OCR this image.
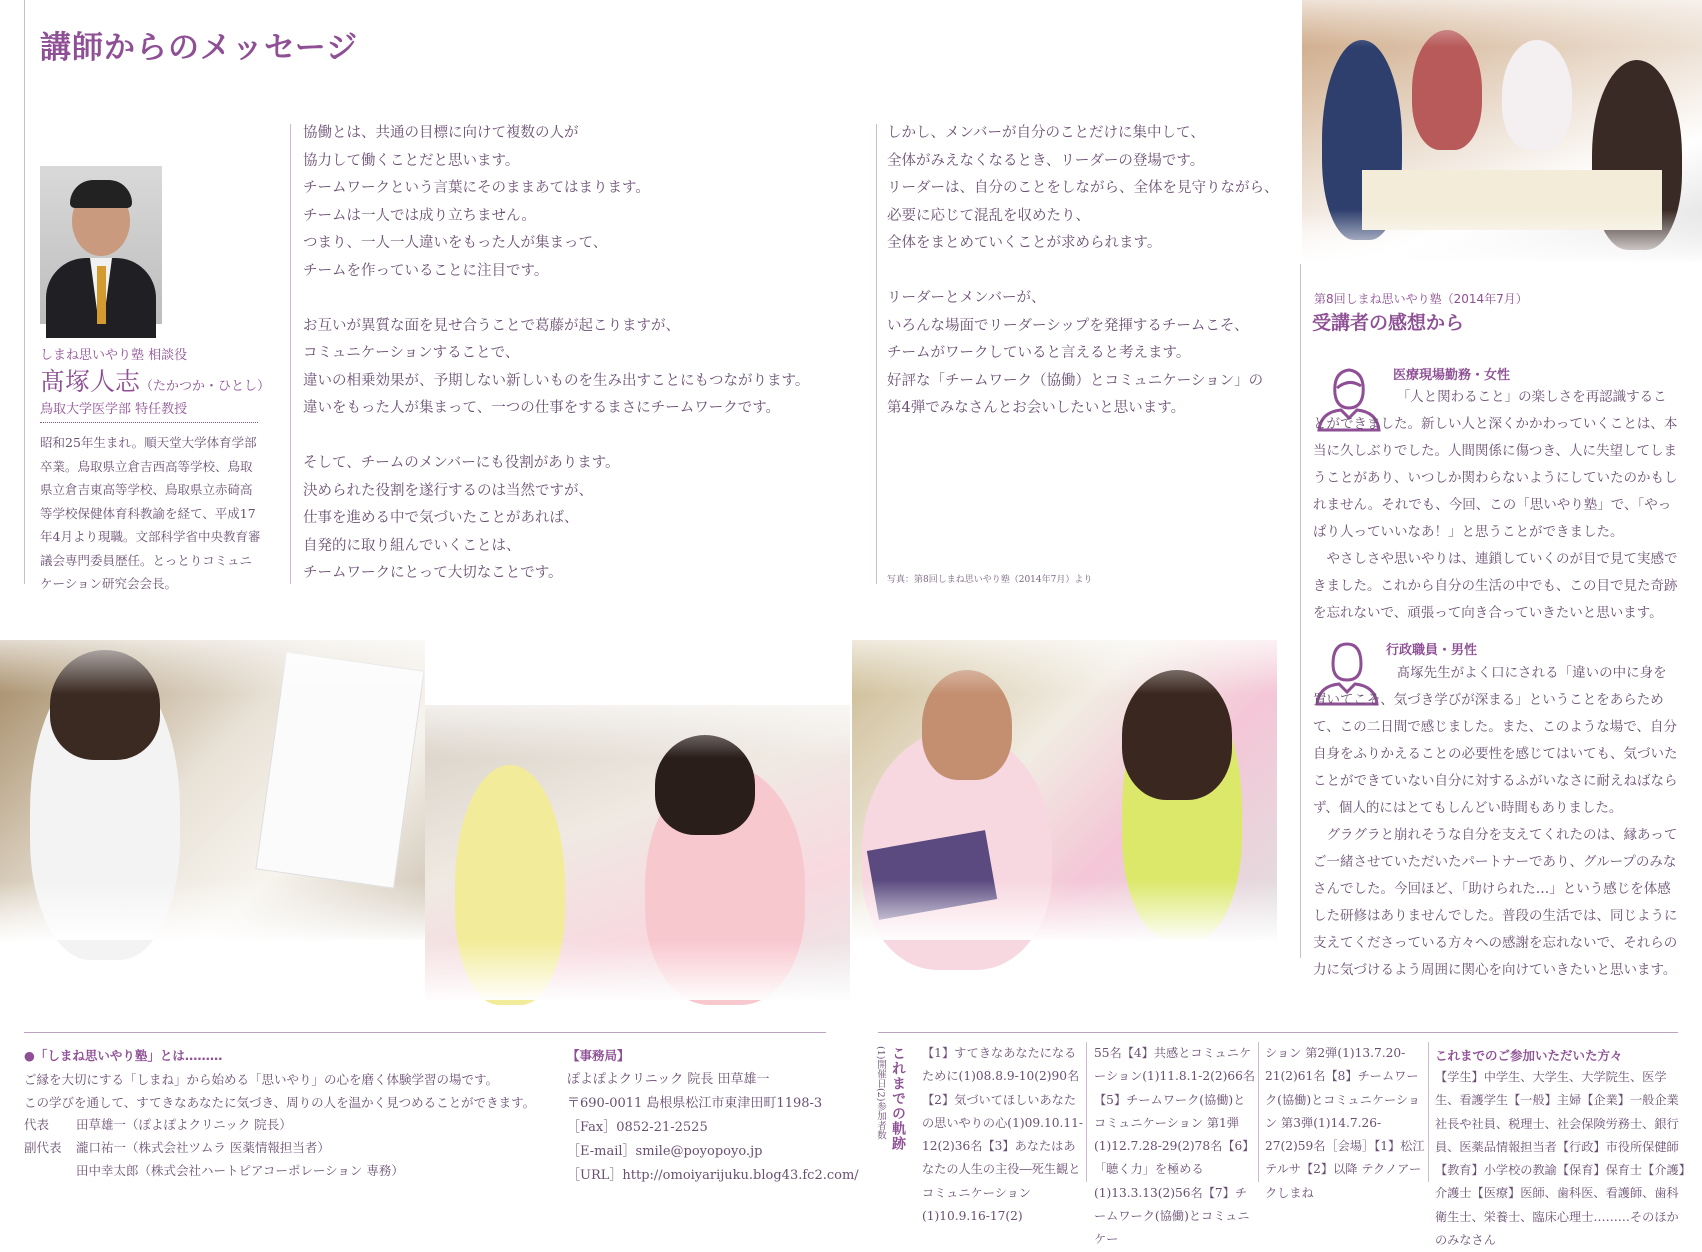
講師からのメッセージ
しまね思いやり塾 相談役
髙塚人志（たかつか・ひとし）
鳥取大学医学部 特任教授
昭和25年生まれ。順天堂大学体育学部卒業。鳥取県立倉吉西高等学校、鳥取県立倉吉東高等学校、鳥取県立赤碕高等学校保健体育科教諭を経て、平成17年4月より現職。文部科学省中央教育審議会専門委員歴任。とっとりコミュニケーション研究会会長。
協働とは、共通の目標に向けて複数の人が
協力して働くことだと思います。
チームワークという言葉にそのままあてはまります。
チームは一人では成り立ちません。
つまり、一人一人違いをもった人が集まって、
チームを作っていることに注目です。
お互いが異質な面を見せ合うことで葛藤が起こりますが、
コミュニケーションすることで、
違いの相乗効果が、予期しない新しいものを生み出すことにもつながります。
違いをもった人が集まって、一つの仕事をするまさにチームワークです。
そして、チームのメンバーにも役割があります。
決められた役割を遂行するのは当然ですが、
仕事を進める中で気づいたことがあれば、
自発的に取り組んでいくことは、
チームワークにとって大切なことです。
しかし、メンバーが自分のことだけに集中して、
全体がみえなくなるとき、リーダーの登場です。
リーダーは、自分のことをしながら、全体を見守りながら、
必要に応じて混乱を収めたり、
全体をまとめていくことが求められます。
リーダーとメンバーが、
いろんな場面でリーダーシップを発揮するチームこそ、
チームがワークしていると言えると考えます。
好評な「チームワーク（協働）とコミュニケーション」の
第4弾でみなさんとお会いしたいと思います。
写真：第8回しまね思いやり塾（2014年7月）より
第8回しまね思いやり塾（2014年7月）
受講者の感想から
医療現場勤務・女性
「人と関わること」の楽しさを再認識することができました。新しい人と深くかかわっていくことは、本当に久しぶりでした。人間関係に傷つき、人に失望してしまうことがあり、いつしか関わらないようにしていたのかもしれません。それでも、今回、この「思いやり塾」で、「やっぱり人っていいなあ！」と思うことができました。
やさしさや思いやりは、連鎖していくのが目で見て実感できました。これから自分の生活の中でも、この目で見た奇跡を忘れないで、頑張って向き合っていきたいと思います。
行政職員・男性
髙塚先生がよく口にされる「違いの中に身を置いてこそ、気づき学びが深まる」ということをあらためて、この二日間で感じました。また、このような場で、自分自身をふりかえることの必要性を感じてはいても、気づいたことができていない自分に対するふがいなさに耐えねばならず、個人的にはとてもしんどい時間もありました。
グラグラと崩れそうな自分を支えてくれたのは、縁あってご一緒させていただいたパートナーであり、グループのみなさんでした。今回ほど、「助けられた…」という感じを体感した研修はありませんでした。普段の生活では、同じように支えてくださっている方々への感謝を忘れないで、それらの力に気づけるよう周囲に関心を向けていきたいと思います。
●「しまね思いやり塾」とは………
ご縁を大切にする「しまね」から始める「思いやり」の心を磨く体験学習の場です。
この学びを通して、すてきなあなたに気づき、周りの人を温かく見つめることができます。
代表	田草雄一（ぽよぽよクリニック 院長）
副代表	瀧口祐一（株式会社ツムラ 医薬情報担当者）
田中幸太郎（株式会社ハートピアコーポレーション 専務）
【事務局】
ぽよぽよクリニック 院長 田草雄一
〒690-0011 島根県松江市東津田町1198-3
［Fax］0852-21-2525
［E-mail］smile@poyopoyo.jp
［URL］http://omoiyarijuku.blog43.fc2.com/
(1)開催日(2)参加者数 これまでの軌跡 【1】すてきなあなたになるために(1)08.8.9-10(2)90名【2】気づいてほしいあなたの思いやりの心(1)09.10.11-12(2)36名【3】あなたはあなたの人生の主役―死生観とコミュニケーション(1)10.9.16-17(2)
55名【4】共感とコミュニケーション(1)11.8.1-2(2)66名【5】チームワーク(協働)とコミュニケーション 第1弾(1)12.7.28-29(2)78名【6】「聴く力」を極める(1)13.3.13(2)56名【7】チームワーク(協働)とコミュニケー
ション 第2弾(1)13.7.20-21(2)61名【8】チームワーク(協働)とコミュニケーション 第3弾(1)14.7.26-27(2)59名［会場］【1】松江テルサ【2】以降 テクノアークしまね
これまでのご参加いただいた方々
【学生】中学生、大学生、大学院生、医学生、看護学生【一般】主婦【企業】一般企業社長や社員、税理士、社会保険労務士、銀行員、医薬品情報担当者【行政】市役所保健師【教育】小学校の教諭【保育】保育士【介護】介護士【医療】医師、歯科医、看護師、歯科衛生士、栄養士、臨床心理士………そのほかのみなさん
